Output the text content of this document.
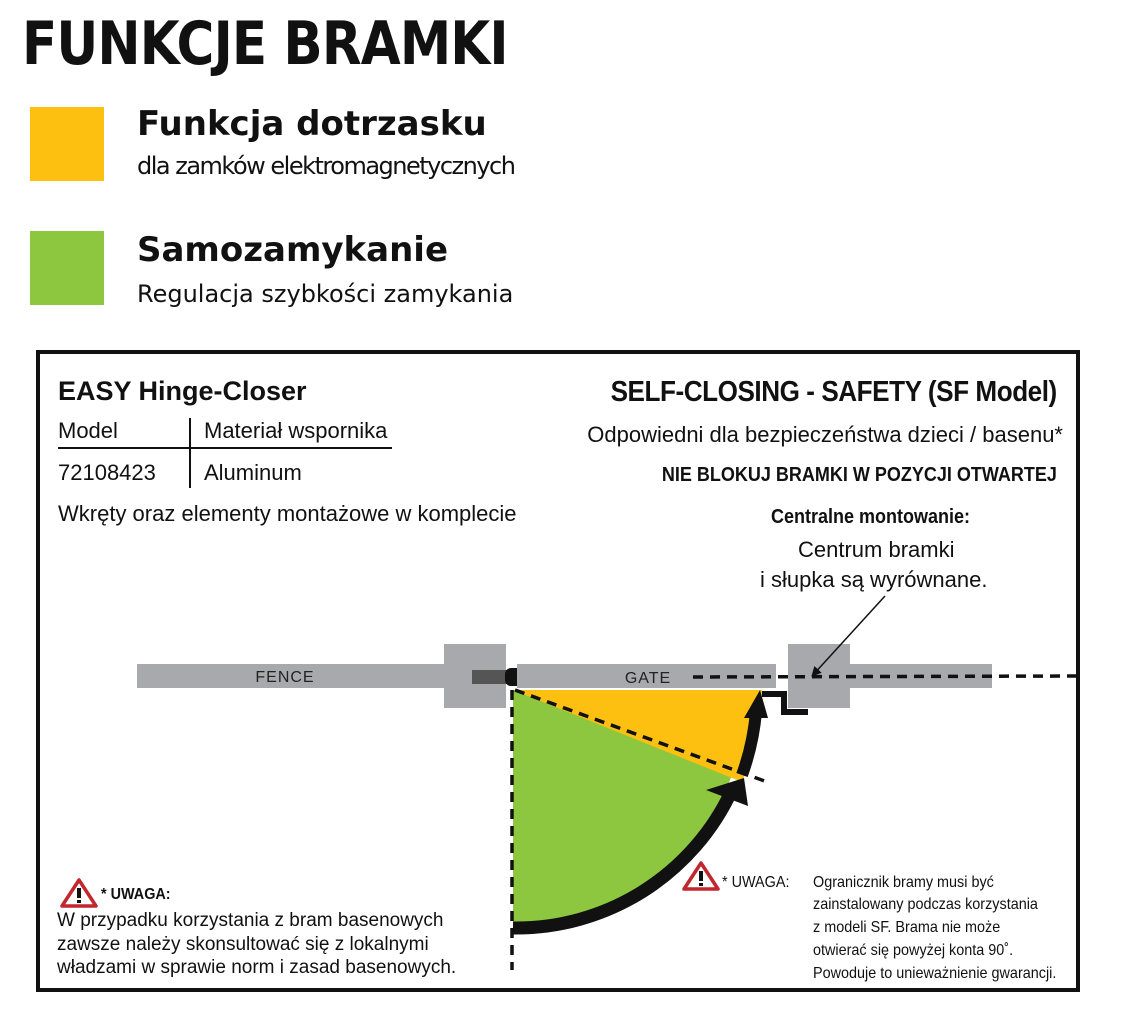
FUNKCJE BRAMKI
Funkcja dotrzasku
dla zamków elektromagnetycznych
Samozamykanie
Regulacja szybkości zamykania
EASY Hinge-Closer
Model	Materiał wspornika
72108423 Aluminum
Wkręty oraz elementy montażowe w komplecie
SELF-CLOSING - SAFETY (SF Model)
Odpowiedni dla bezpieczeństwa dzieci / basenu*
NIE BLOKUJ BRAMKI W POZYCJI OTWARTEJ
Centralne montowanie:
Centrum bramki
i słupka są wyrównane.
FENCE	GATE
* UWAGA:
W przypadku korzystania z bram basenowych
zawsze należy skonsultować się z lokalnymi
władzami w sprawie norm i zasad basenowych.
* UWAGA: Ogranicznik bramy musi być
zainstalowany podczas korzystania
z modeli SF. Brama nie może
otwierać się powyżej konta 90˚.
Powoduje to unieważnienie gwarancji.
